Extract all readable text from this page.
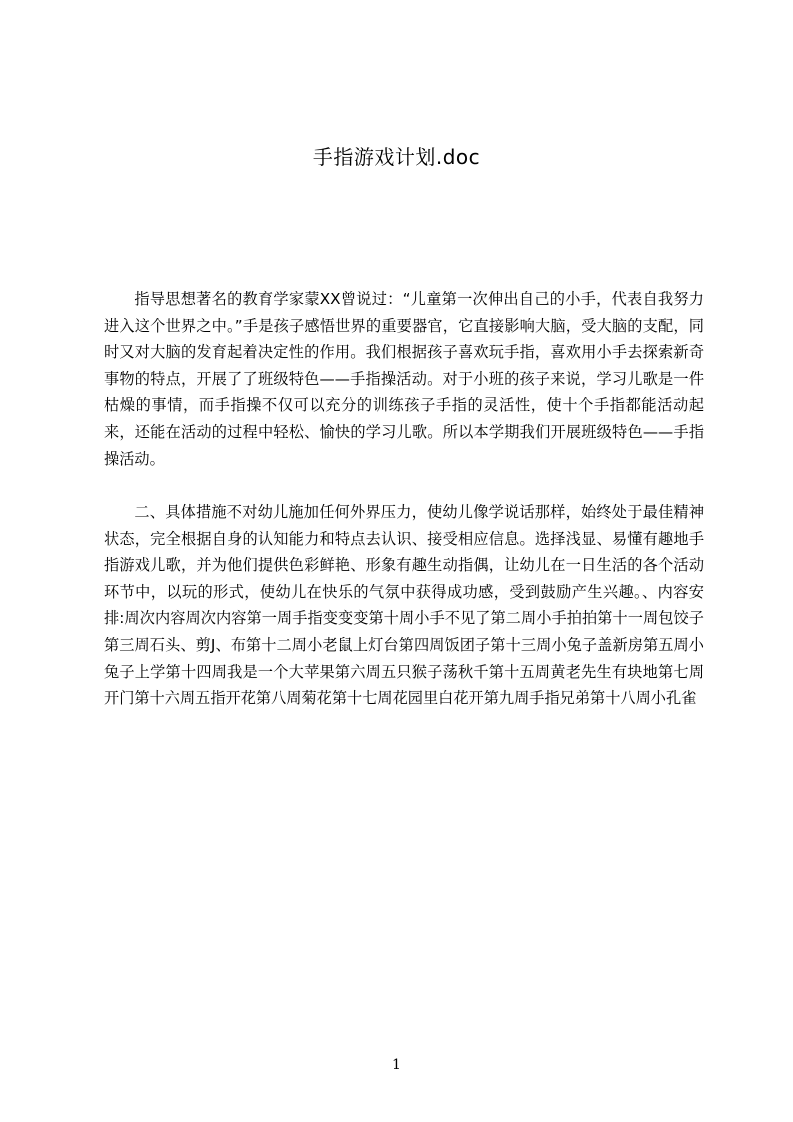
手指游戏计划.doc

指导思想著名的教育学家蒙XX曾说过：“儿童第一次伸出自己的小手，代表自我努力进入这个世界之中。”手是孩子感悟世界的重要器官，它直接影响大脑，受大脑的支配，同时又对大脑的发育起着决定性的作用。我们根据孩子喜欢玩手指，喜欢用小手去探索新奇事物的特点，开展了了班级特色——手指操活动。对于小班的孩子来说，学习儿歌是一件枯燥的事情，而手指操不仅可以充分的训练孩子手指的灵活性，使十个手指都能活动起来，还能在活动的过程中轻松、愉快的学习儿歌。所以本学期我们开展班级特色——手指操活动。

二、具体措施不对幼儿施加任何外界压力，使幼儿像学说话那样，始终处于最佳精神状态，完全根据自身的认知能力和特点去认识、接受相应信息。选择浅显、易懂有趣地手指游戏儿歌，并为他们提供色彩鲜艳、形象有趣生动指偶，让幼儿在一日生活的各个活动环节中，以玩的形式，使幼儿在快乐的气氛中获得成功感，受到鼓励产生兴趣。、内容安排:周次内容周次内容第一周手指变变变第十周小手不见了第二周小手拍拍第十一周包饺子第三周石头、剪J、布第十二周小老鼠上灯台第四周饭团子第十三周小兔子盖新房第五周小兔子上学第十四周我是一个大苹果第六周五只猴子荡秋千第十五周黄老先生有块地第七周开门第十六周五指开花第八周菊花第十七周花园里白花开第九周手指兄弟第十八周小孔雀

1
